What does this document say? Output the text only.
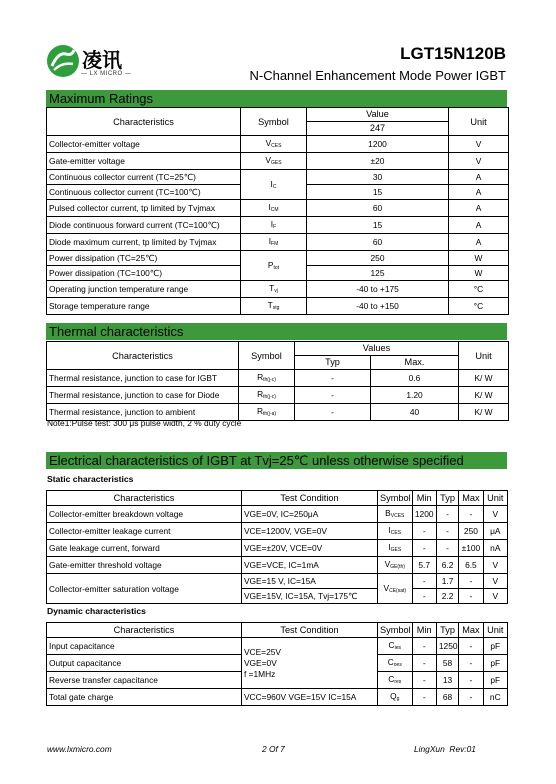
凌讯
— LX MICRO —
LGT15N120B
N-Channel Enhancement Mode Power IGBT
Maximum Ratings
Characteristics	Symbol	Value	Unit
		247	
Collector-emitter voltage	$V_{CES}$	1200	V
Gate-emitter voltage	$V_{GES}$	±20	V
Continuous collector current (TC=25℃)	$I_C$	30	A
Continuous collector current (TC=100℃)		15	A
Pulsed collector current, tp limited by Tvjmax	$I_{CM}$	60	A
Diode continuous forward current (TC=100℃)	$I_F$	15	A
Diode maximum current, tp limited by Tvjmax	$I_{FM}$	60	A
Power dissipation (TC=25℃)	$P_{tot}$	250	W
Power dissipation (TC=100℃)		125	W
Operating junction temperature range	$T_{vj}$	-40 to +175	°C
Storage temperature range	$T_{stg}$	-40 to +150	°C
Thermal characteristics
Characteristics	Symbol	Values		Unit
		Typ	Max.	
Thermal resistance, junction to case for IGBT	$R_{th(j-c)}$	-	0.6	K/ W
Thermal resistance, junction to case for Diode	$R_{th(j-c)}$	-	1.20	K/ W
Thermal resistance, junction to ambient	$R_{th(j-a)}$	-	40	K/ W
Note1:Pulse test: 300 μs pulse width, 2 % duty cycle
Electrical characteristics of IGBT at Tvj=25℃ unless otherwise specified
Static characteristics
Characteristics	Test Condition	Symbol	Min	Typ	Max	Unit
Collector-emitter breakdown voltage	VGE=0V, IC=250μA	$B_{VCES}$	1200	-	-	V
Collector-emitter leakage current	VCE=1200V, VGE=0V	$I_{CES}$	-	-	250	μA
Gate leakage current, forward	VGE=±20V, VCE=0V	$I_{GES}$	-	-	±100	nA
Gate-emitter threshold voltage	VGE=VCE, IC=1mA	$V_{GE(th)}$	5.7	6.2	6.5	V
Collector-emitter saturation voltage	VGE=15 V, IC=15A	$V_{CE(sat)}$	-	1.7	-	V
	VGE=15V, IC=15A, Tvj=175℃		-	2.2	-	V
Dynamic characteristics
Characteristics	Test Condition	Symbol	Min	Typ	Max	Unit
Input capacitance	VCE=25V
VGE=0V
f =1MHz	$C_{ies}$	-	1250	-	pF
Output capacitance		$C_{oes}$	-	58	-	pF
Reverse transfer capacitance		$C_{res}$	-	13	-	pF
Total gate charge	VCC=960V VGE=15V IC=15A	$Q_g$	-	68	-	nC
www.lxmicro.com	2 Of 7	LingXun Rev:01
